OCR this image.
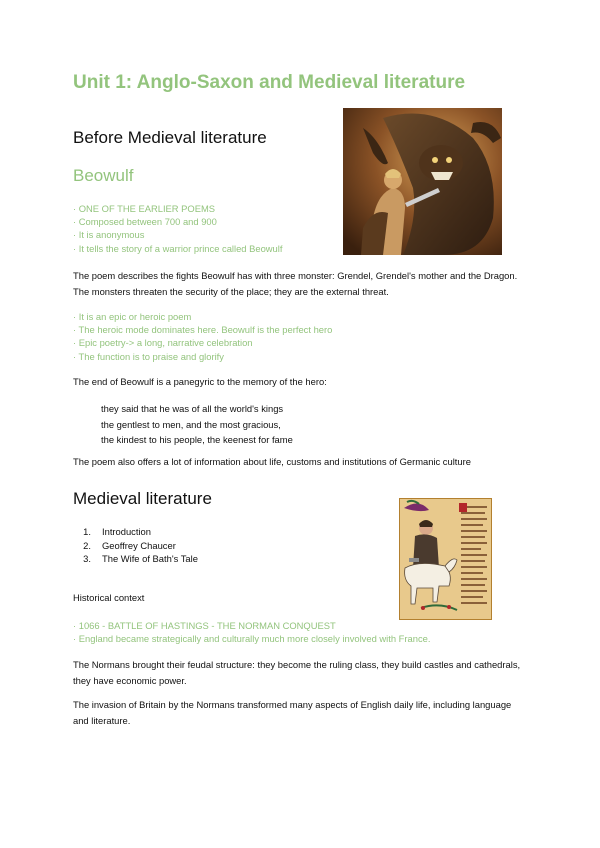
Unit 1: Anglo-Saxon and Medieval literature
Before Medieval literature
Beowulf
· ONE OF THE EARLIER POEMS
· Composed between 700 and 900
· It is anonymous
· It tells the story of a warrior prince called Beowulf
The poem describes the fights Beowulf has with three monster: Grendel, Grendel's mother and the Dragon. The monsters threaten the security of the place; they are the external threat.
· It is an epic or heroic poem
· The heroic mode dominates here. Beowulf is the perfect hero
· Epic poetry-> a long, narrative celebration
· The function is to praise and glorify
The end of Beowulf is a panegyric to the memory of the hero:
they said that he was of all the world's kings
the gentlest to men, and the most gracious,
the kindest to his people, the keenest for fame
The poem also offers a lot of information about life, customs and institutions of Germanic culture
Medieval literature
1. Introduction
2. Geoffrey Chaucer
3. The Wife of Bath's Tale
Historical context
· 1066 - BATTLE OF HASTINGS - THE NORMAN CONQUEST
· England became strategically and culturally much more closely involved with France.
The Normans brought their feudal structure: they become the ruling class, they build castles and cathedrals, they have economic power.
The invasion of Britain by the Normans transformed many aspects of English daily life, including language and literature.
